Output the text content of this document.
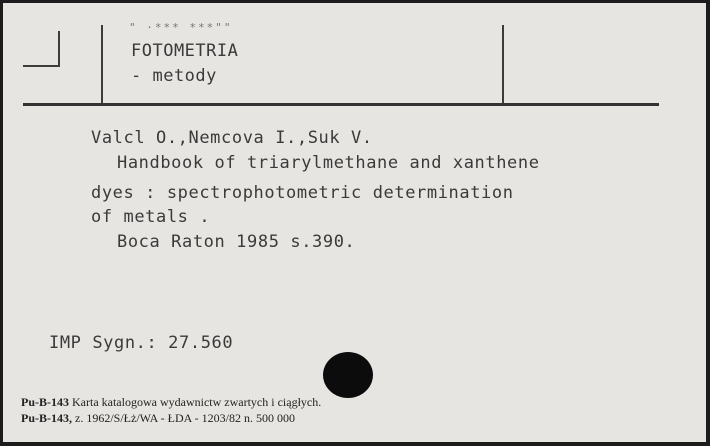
" ·*** ***""
FOTOMETRIA
- metody
Valcl O.,Nemcova I.,Suk V.
Handbook of triarylmethane and xanthene
dyes : spectrophotometric determination
of metals .
Boca Raton 1985 s.390.
IMP Sygn.: 27.560
Pu-B-143 Karta katalogowa wydawnictw zwartych i ciągłych.
Pu-B-143, z. 1962/S/Łż/WA - ŁDA - 1203/82 n. 500 000
